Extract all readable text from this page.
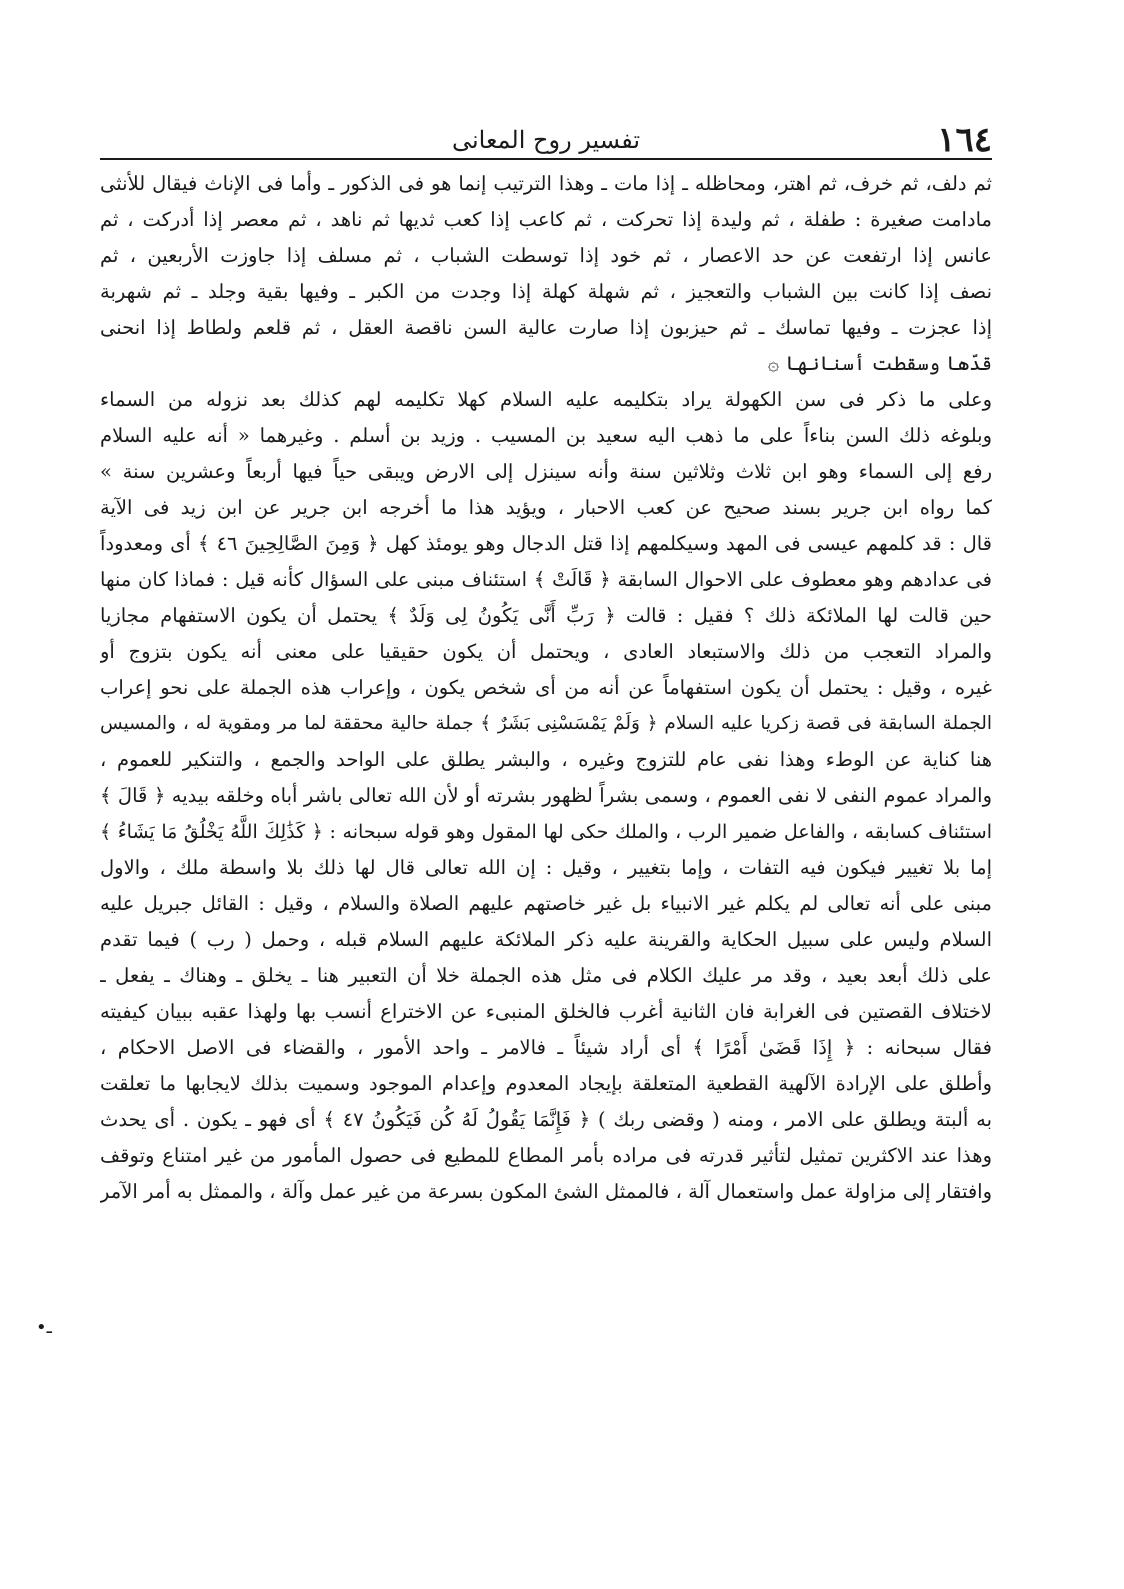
١٦٤
تفسير روح المعانى
ثم دلف، ثم خرف، ثم اهتر، ومحاظله ـ إذا مات ـ وهذا الترتيب إنما هو فى الذكور ـ وأما فى الإناث فيقال للأنثى
مادامت صغيرة : طفلة ، ثم وليدة إذا تحركت ، ثم كاعب إذا كعب ثديها ثم ناهد ، ثم معصر إذا أدركت ، ثم
عانس إذا ارتفعت عن حد الاعصار ، ثم خود إذا توسطت الشباب ، ثم مسلف إذا جاوزت الأربعين ، ثم
نصف إذا كانت بين الشباب والتعجيز ، ثم شهلة كهلة إذا وجدت من الكبر ـ وفيها بقية وجلد ـ ثم شهربة
إذا عجزت ـ وفيها تماسك ـ ثم حيزبون إذا صارت عالية السن ناقصة العقل ، ثم قلعم ولطاط إذا انحنى
قدّها وسقطت أسنانها ۞
وعلى ما ذكر فى سن الكهولة يراد بتكليمه عليه السلام كهلا تكليمه لهم كذلك بعد نزوله من السماء
وبلوغه ذلك السن بناءاً على ما ذهب اليه سعيد بن المسيب . وزيد بن أسلم . وغيرهما « أنه عليه السلام
رفع إلى السماء وهو ابن ثلاث وثلاثين سنة وأنه سينزل إلى الارض ويبقى حياً فيها أربعاً وعشرين سنة »
كما رواه ابن جرير بسند صحيح عن كعب الاحبار ، ويؤيد هذا ما أخرجه ابن جرير عن ابن زيد فى الآية
قال : قد كلمهم عيسى فى المهد وسيكلمهم إذا قتل الدجال وهو يومئذ كهل ﴿ وَمِنَ الصَّالِحِينَ ٤٦ ﴾ أى ومعدوداً
فى عدادهم وهو معطوف على الاحوال السابقة ﴿ قَالَتْ ﴾ استئناف مبنى على السؤال كأنه قيل : فماذا كان منها
حين قالت لها الملائكة ذلك ؟ فقيل : قالت ﴿ رَبِّ أَنَّى يَكُونُ لِى وَلَدٌ ﴾ يحتمل أن يكون الاستفهام مجازيا
والمراد التعجب من ذلك والاستبعاد العادى ، ويحتمل أن يكون حقيقيا على معنى أنه يكون بتزوج أو
غيره ، وقيل : يحتمل أن يكون استفهاماً عن أنه من أى شخص يكون ، وإعراب هذه الجملة على نحو إعراب
الجملة السابقة فى قصة زكريا عليه السلام ﴿ وَلَمْ يَمْسَسْنِى بَشَرٌ ﴾ جملة حالية محققة لما مر ومقوية له ، والمسيس
هنا كناية عن الوطء وهذا نفى عام للتزوج وغيره ، والبشر يطلق على الواحد والجمع ، والتنكير للعموم ،
والمراد عموم النفى لا نفى العموم ، وسمى بشراً لظهور بشرته أو لأن الله تعالى باشر أباه وخلقه بيديه ﴿ قَالَ ﴾
استئناف كسابقه ، والفاعل ضمير الرب ، والملك حكى لها المقول وهو قوله سبحانه : ﴿ كَذَٰلِكَ اللَّهُ يَخْلُقُ مَا يَشَاءُ ﴾
إما بلا تغيير فيكون فيه التفات ، وإما بتغيير ، وقيل : إن الله تعالى قال لها ذلك بلا واسطة ملك ، والاول
مبنى على أنه تعالى لم يكلم غير الانبياء بل غير خاصتهم عليهم الصلاة والسلام ، وقيل : القائل جبريل عليه
السلام وليس على سبيل الحكاية والقرينة عليه ذكر الملائكة عليهم السلام قبله ، وحمل ( رب ) فيما تقدم
على ذلك أبعد بعيد ، وقد مر عليك الكلام فى مثل هذه الجملة خلا أن التعبير هنا ـ يخلق ـ وهناك ـ يفعل ـ
لاختلاف القصتين فى الغرابة فان الثانية أغرب فالخلق المنبىء عن الاختراع أنسب بها ولهذا عقبه ببيان كيفيته
فقال سبحانه : ﴿ إِذَا قَضَىٰ أَمْرًا ﴾ أى أراد شيئاً ـ فالامر ـ واحد الأمور ، والقضاء فى الاصل الاحكام ،
وأطلق على الإرادة الآلهية القطعية المتعلقة بإيجاد المعدوم وإعدام الموجود وسميت بذلك لايجابها ما تعلقت
به ألبتة ويطلق على الامر ، ومنه ( وقضى ربك ) ﴿ فَإِنَّمَا يَقُولُ لَهُ كُن فَيَكُونُ ٤٧ ﴾ أى فهو ـ يكون . أى يحدث
وهذا عند الاكثرين تمثيل لتأثير قدرته فى مراده بأمر المطاع للمطيع فى حصول المأمور من غير امتناع وتوقف
وافتقار إلى مزاولة عمل واستعمال آلة ، فالممثل الشئ المكون بسرعة من غير عمل وآلة ، والممثل به أمر الآمر
•ـ
